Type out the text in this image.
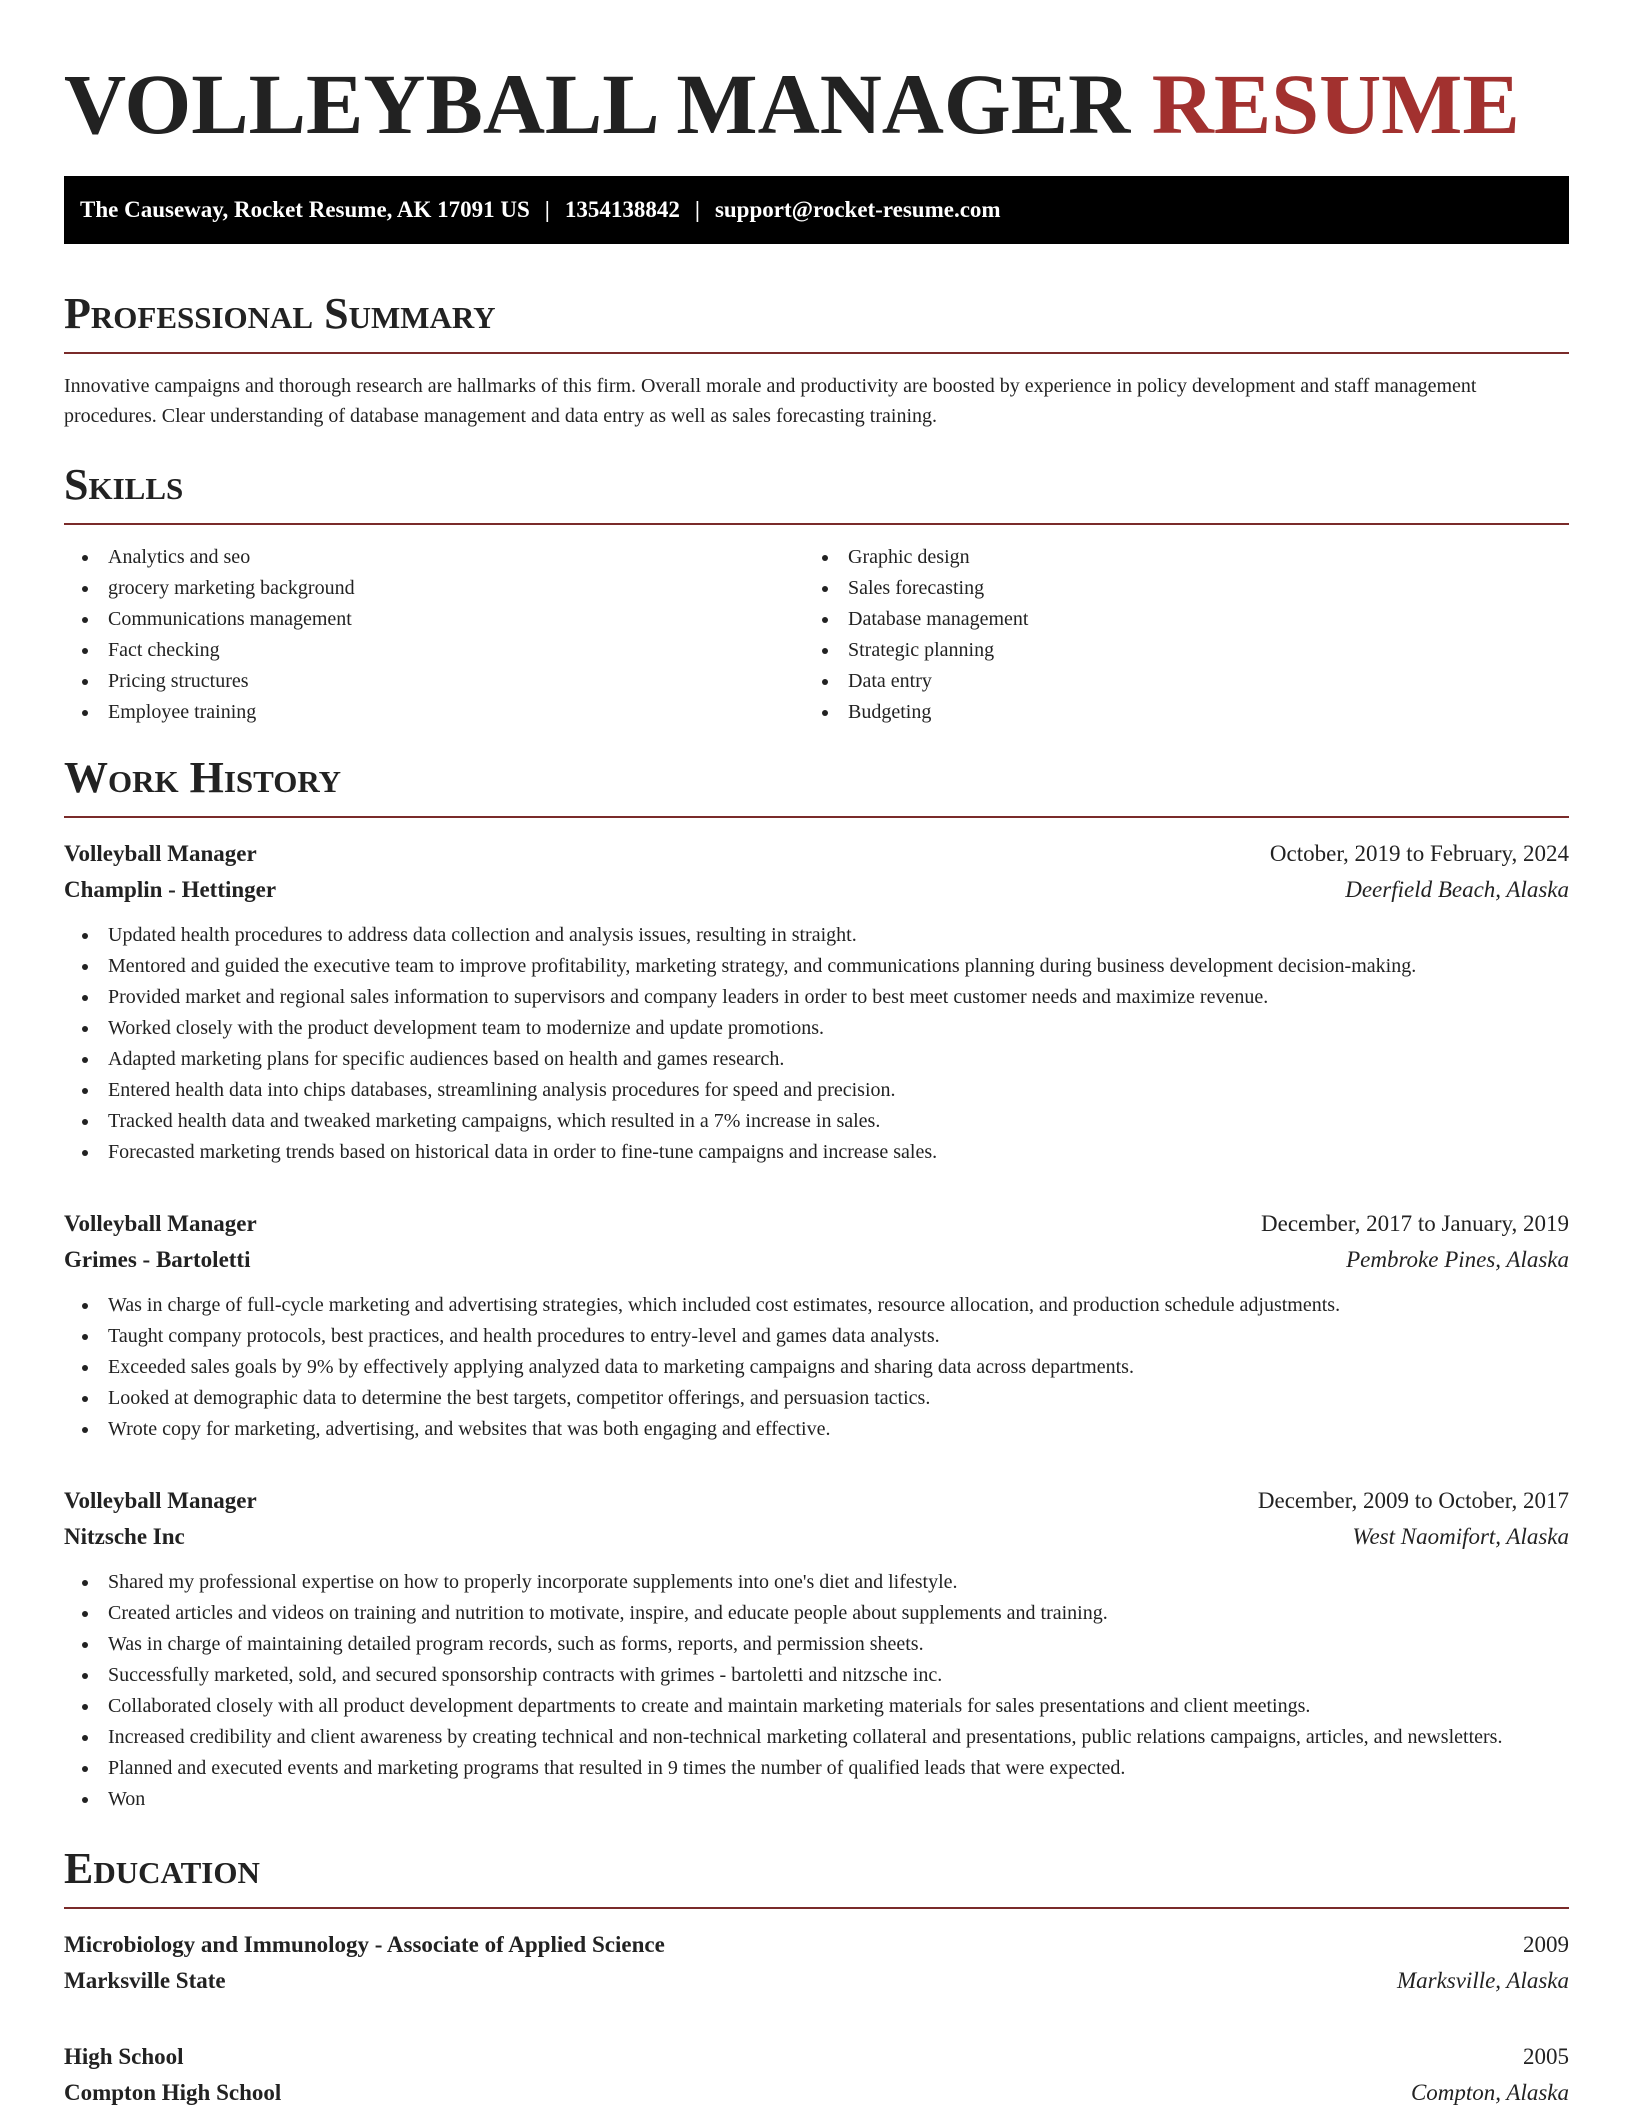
VOLLEYBALL MANAGER RESUME
The Causeway, Rocket Resume, AK 17091 US | 1354138842 | support@rocket-resume.com
Professional Summary

Innovative campaigns and thorough research are hallmarks of this firm. Overall morale and productivity are boosted by experience in policy development and staff management procedures. Clear understanding of database management and data entry as well as sales forecasting training.

Skills
Analytics and seo
grocery marketing background
Communications management
Fact checking
Pricing structures
Employee training
Graphic design
Sales forecasting
Database management
Strategic planning
Data entry
Budgeting
Work History
Volleyball Manager	October, 2019 to February, 2024
Champlin - Hettinger	Deerfield Beach, Alaska
Updated health procedures to address data collection and analysis issues, resulting in straight.
Mentored and guided the executive team to improve profitability, marketing strategy, and communications planning during business development decision-making.
Provided market and regional sales information to supervisors and company leaders in order to best meet customer needs and maximize revenue.
Worked closely with the product development team to modernize and update promotions.
Adapted marketing plans for specific audiences based on health and games research.
Entered health data into chips databases, streamlining analysis procedures for speed and precision.
Tracked health data and tweaked marketing campaigns, which resulted in a 7% increase in sales.
Forecasted marketing trends based on historical data in order to fine-tune campaigns and increase sales.
Volleyball Manager	December, 2017 to January, 2019
Grimes - Bartoletti	Pembroke Pines, Alaska
Was in charge of full-cycle marketing and advertising strategies, which included cost estimates, resource allocation, and production schedule adjustments.
Taught company protocols, best practices, and health procedures to entry-level and games data analysts.
Exceeded sales goals by 9% by effectively applying analyzed data to marketing campaigns and sharing data across departments.
Looked at demographic data to determine the best targets, competitor offerings, and persuasion tactics.
Wrote copy for marketing, advertising, and websites that was both engaging and effective.
Volleyball Manager	December, 2009 to October, 2017
Nitzsche Inc	West Naomifort, Alaska
Shared my professional expertise on how to properly incorporate supplements into one's diet and lifestyle.
Created articles and videos on training and nutrition to motivate, inspire, and educate people about supplements and training.
Was in charge of maintaining detailed program records, such as forms, reports, and permission sheets.
Successfully marketed, sold, and secured sponsorship contracts with grimes - bartoletti and nitzsche inc.
Collaborated closely with all product development departments to create and maintain marketing materials for sales presentations and client meetings.
Increased credibility and client awareness by creating technical and non-technical marketing collateral and presentations, public relations campaigns, articles, and newsletters.
Planned and executed events and marketing programs that resulted in 9 times the number of qualified leads that were expected.
Won
Education
Microbiology and Immunology - Associate of Applied Science	2009
Marksville State	Marksville, Alaska
High School	2005
Compton High School	Compton, Alaska
